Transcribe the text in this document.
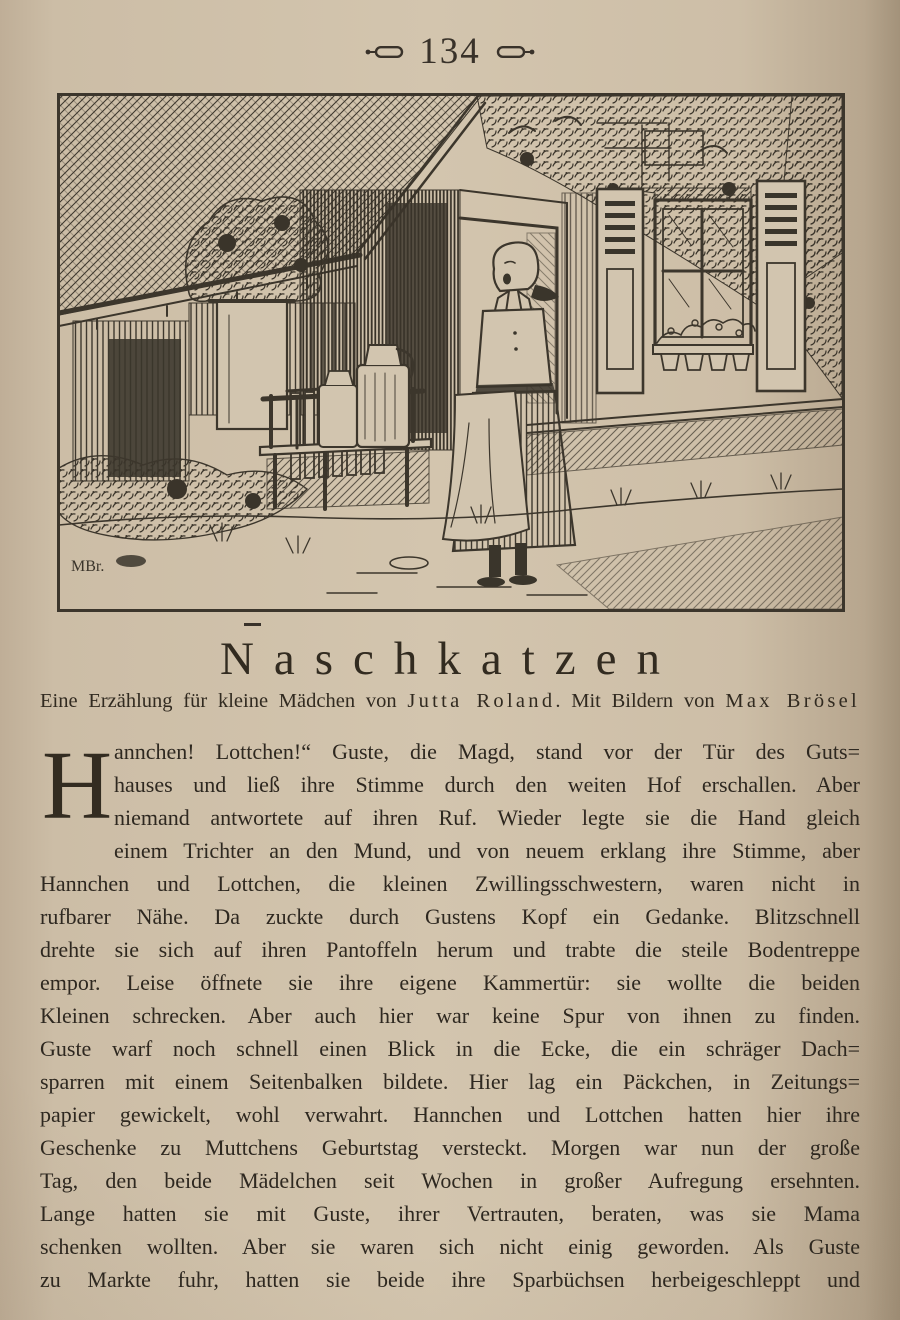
134
MBr.
Naschkatzen
Eine Erzählung für kleine Mädchen von Jutta Roland. Mit Bildern von Max Brösel
H annchen! Lottchen!“ Guste, die Magd, stand vor der Tür des Guts=
hauses und ließ ihre Stimme durch den weiten Hof erschallen. Aber
niemand antwortete auf ihren Ruf. Wieder legte sie die Hand gleich
einem Trichter an den Mund, und von neuem erklang ihre Stimme, aber
Hannchen und Lottchen, die kleinen Zwillingsschwestern, waren nicht in
rufbarer Nähe. Da zuckte durch Gustens Kopf ein Gedanke. Blitzschnell
drehte sie sich auf ihren Pantoffeln herum und trabte die steile Bodentreppe
empor. Leise öffnete sie ihre eigene Kammertür: sie wollte die beiden
Kleinen schrecken. Aber auch hier war keine Spur von ihnen zu finden.
Guste warf noch schnell einen Blick in die Ecke, die ein schräger Dach=
sparren mit einem Seitenbalken bildete. Hier lag ein Päckchen, in Zeitungs=
papier gewickelt, wohl verwahrt. Hannchen und Lottchen hatten hier ihre
Geschenke zu Muttchens Geburtstag versteckt. Morgen war nun der große
Tag, den beide Mädelchen seit Wochen in großer Aufregung ersehnten.
Lange hatten sie mit Guste, ihrer Vertrauten, beraten, was sie Mama
schenken wollten. Aber sie waren sich nicht einig geworden. Als Guste
zu Markte fuhr, hatten sie beide ihre Sparbüchsen herbeigeschleppt und
